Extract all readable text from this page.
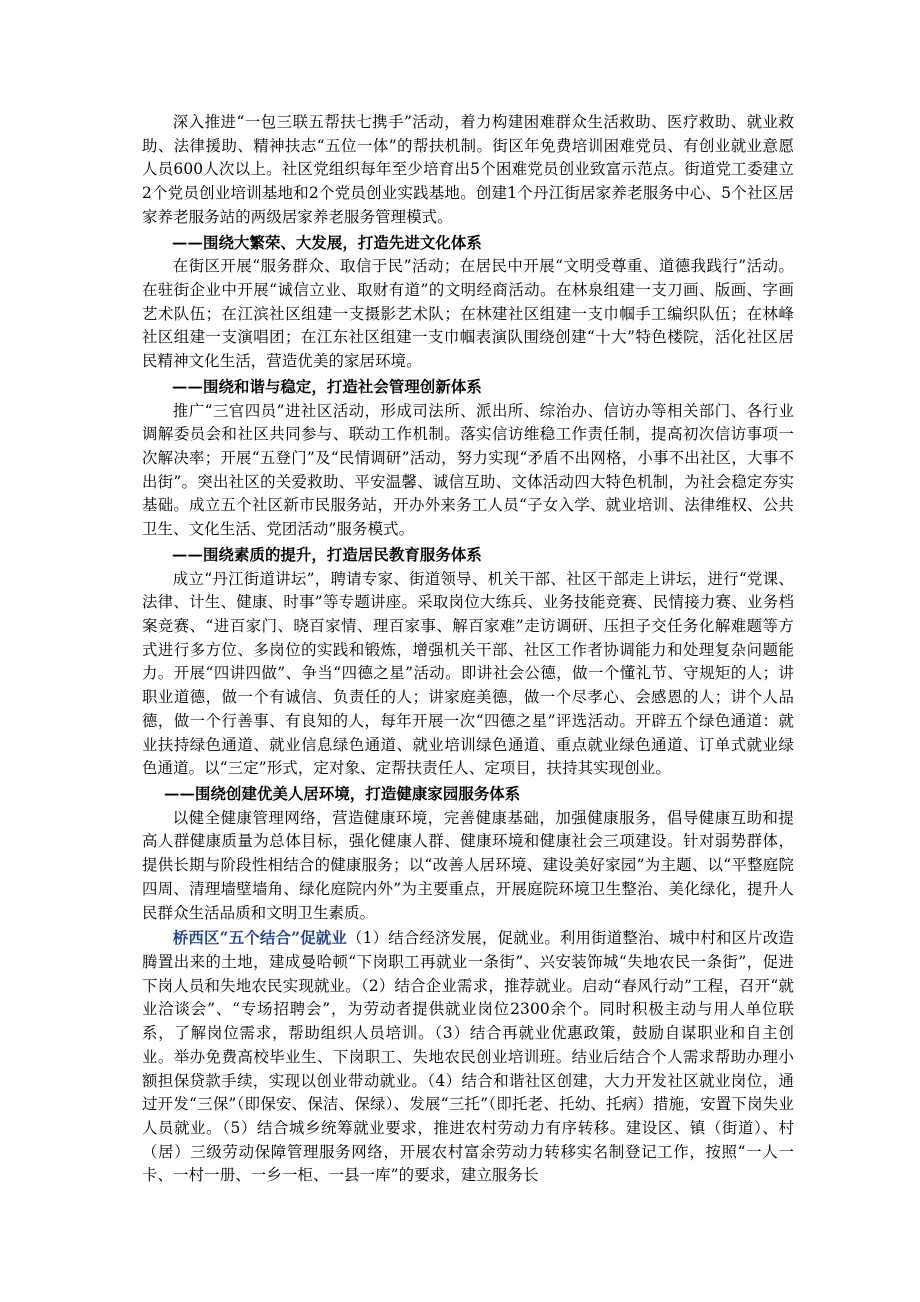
深入推进“一包三联五帮扶七携手”活动，着力构建困难群众生活救助、医疗救助、就业救助、法律援助、精神扶志“五位一体”的帮扶机制。街区年免费培训困难党员、有创业就业意愿人员600人次以上。社区党组织每年至少培育出5个困难党员创业致富示范点。街道党工委建立2个党员创业培训基地和2个党员创业实践基地。创建1个丹江街居家养老服务中心、5个社区居家养老服务站的两级居家养老服务管理模式。

——围绕大繁荣、大发展，打造先进文化体系

在街区开展“服务群众、取信于民”活动；在居民中开展“文明受尊重、道德我践行”活动。在驻街企业中开展“诚信立业、取财有道”的文明经商活动。在林泉组建一支刀画、版画、字画艺术队伍；在江滨社区组建一支摄影艺术队；在林建社区组建一支巾帼手工编织队伍；在林峰社区组建一支演唱团；在江东社区组建一支巾帼表演队围绕创建“十大”特色楼院，活化社区居民精神文化生活，营造优美的家居环境。

——围绕和谐与稳定，打造社会管理创新体系

推广“三官四员”进社区活动，形成司法所、派出所、综治办、信访办等相关部门、各行业调解委员会和社区共同参与、联动工作机制。落实信访维稳工作责任制，提高初次信访事项一次解决率；开展“五登门”及“民情调研”活动，努力实现“矛盾不出网格，小事不出社区，大事不出街”。突出社区的关爱救助、平安温馨、诚信互助、文体活动四大特色机制，为社会稳定夯实基础。成立五个社区新市民服务站，开办外来务工人员“子女入学、就业培训、法律维权、公共卫生、文化生活、党团活动”服务模式。

——围绕素质的提升，打造居民教育服务体系

成立“丹江街道讲坛”，聘请专家、街道领导、机关干部、社区干部走上讲坛，进行“党课、法律、计生、健康、时事”等专题讲座。采取岗位大练兵、业务技能竞赛、民情接力赛、业务档案竞赛、“进百家门、晓百家情、理百家事、解百家难”走访调研、压担子交任务化解难题等方式进行多方位、多岗位的实践和锻炼，增强机关干部、社区工作者协调能力和处理复杂问题能力。开展“四讲四做”、争当“四德之星”活动。即讲社会公德，做一个懂礼节、守规矩的人；讲职业道德，做一个有诚信、负责任的人；讲家庭美德，做一个尽孝心、会感恩的人；讲个人品德，做一个行善事、有良知的人，每年开展一次“四德之星”评选活动。开辟五个绿色通道：就业扶持绿色通道、就业信息绿色通道、就业培训绿色通道、重点就业绿色通道、订单式就业绿色通道。以“三定”形式，定对象、定帮扶责任人、定项目，扶持其实现创业。

——围绕创建优美人居环境，打造健康家园服务体系

以健全健康管理网络，营造健康环境，完善健康基础，加强健康服务，倡导健康互助和提高人群健康质量为总体目标，强化健康人群、健康环境和健康社会三项建设。针对弱势群体，提供长期与阶段性相结合的健康服务；以“改善人居环境、建设美好家园”为主题、以“平整庭院四周、清理墙壁墙角、绿化庭院内外”为主要重点，开展庭院环境卫生整治、美化绿化，提升人民群众生活品质和文明卫生素质。

桥西区“五个结合”促就业（1）结合经济发展，促就业。利用街道整治、城中村和区片改造腾置出来的土地，建成曼哈顿“下岗职工再就业一条街”、兴安装饰城“失地农民一条街”，促进下岗人员和失地农民实现就业。（2）结合企业需求，推荐就业。启动“春风行动”工程，召开“就业洽谈会”、“专场招聘会”，为劳动者提供就业岗位2300余个。同时积极主动与用人单位联系，了解岗位需求，帮助组织人员培训。（3）结合再就业优惠政策，鼓励自谋职业和自主创业。举办免费高校毕业生、下岗职工、失地农民创业培训班。结业后结合个人需求帮助办理小额担保贷款手续，实现以创业带动就业。（4）结合和谐社区创建，大力开发社区就业岗位，通过开发“三保”（即保安、保洁、保绿）、发展“三托”（即托老、托幼、托病）措施，安置下岗失业人员就业。（5）结合城乡统筹就业要求，推进农村劳动力有序转移。建设区、镇（街道）、村（居）三级劳动保障管理服务网络，开展农村富余劳动力转移实名制登记工作，按照“一人一卡、一村一册、一乡一柜、一县一库”的要求，建立服务长
